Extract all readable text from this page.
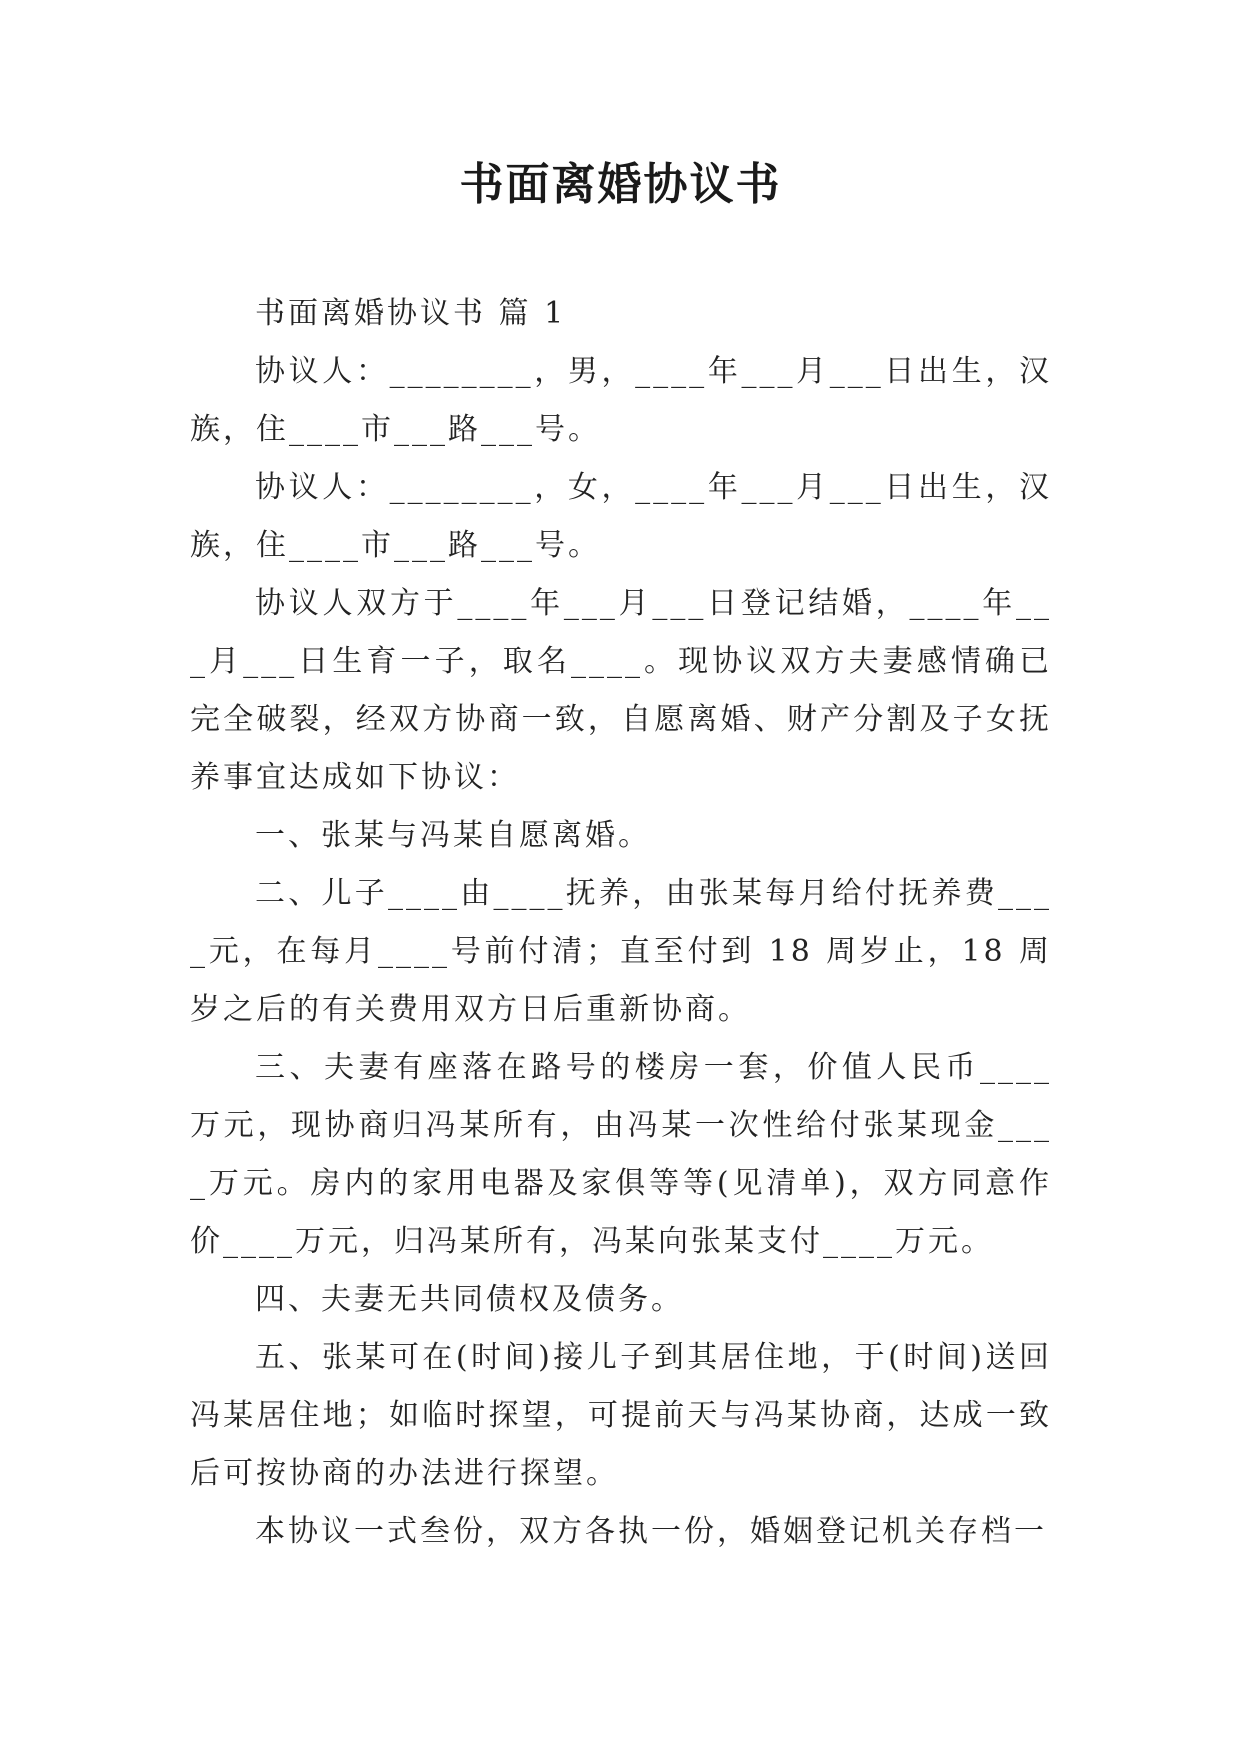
书面离婚协议书

书面离婚协议书 篇 1

协议人：________，男，____年___月___日出生，汉族，住____市___路___号。

协议人：________，女，____年___月___日出生，汉族，住____市___路___号。

协议人双方于____年___月___日登记结婚，____年___月___日生育一子，取名____。现协议双方夫妻感情确已完全破裂，经双方协商一致，自愿离婚、财产分割及子女抚养事宜达成如下协议：

一、张某与冯某自愿离婚。

二、儿子____由____抚养，由张某每月给付抚养费____元，在每月____号前付清；直至付到 18 周岁止，18 周岁之后的有关费用双方日后重新协商。

三、夫妻有座落在路号的楼房一套，价值人民币____万元，现协商归冯某所有，由冯某一次性给付张某现金____万元。房内的家用电器及家俱等等(见清单)，双方同意作价____万元，归冯某所有，冯某向张某支付____万元。

四、夫妻无共同债权及债务。

五、张某可在(时间)接儿子到其居住地，于(时间)送回冯某居住地；如临时探望，可提前天与冯某协商，达成一致后可按协商的办法进行探望。

本协议一式叁份，双方各执一份，婚姻登记机关存档一
